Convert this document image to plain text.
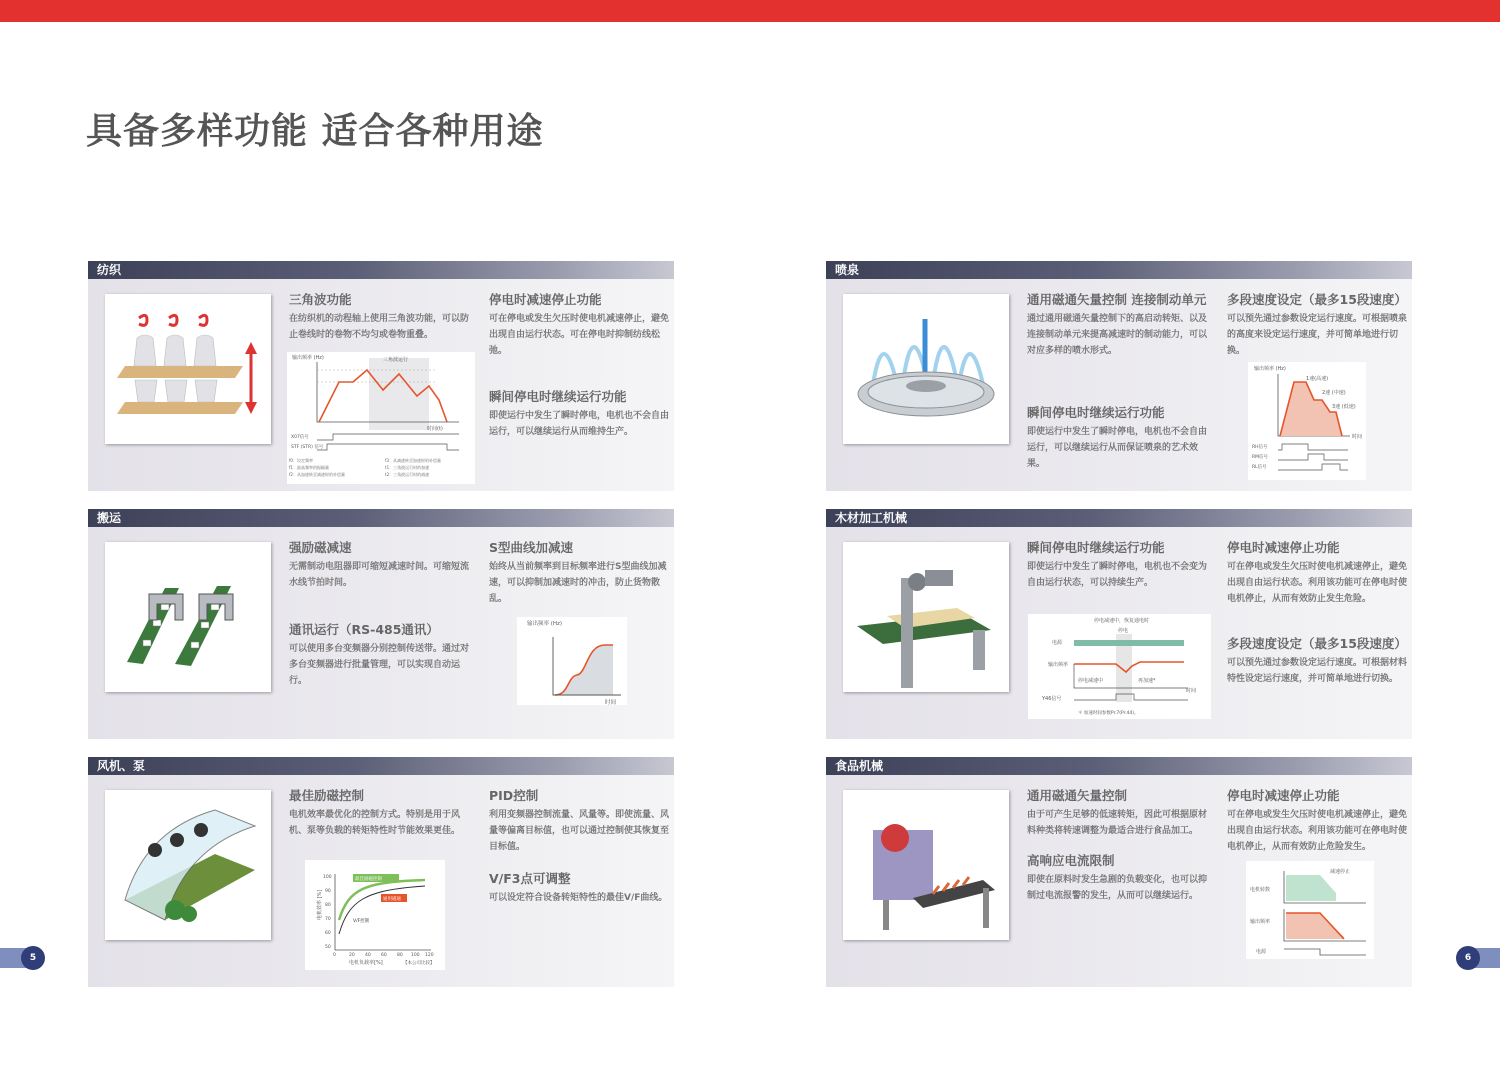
具备多样功能 适合各种用途
纺织
三角波功能
在纺织机的动程轴上使用三角波功能，可以防止卷线时的卷物不均匀或卷物重叠。
输出频率 (Hz)	三角波运行
时间(t)
X07信号
STF (STR) 信号
f0：设定频率
f1：最高频率的振幅量
f2：从加速转至减速时的补偿量
f3：从减速转至加速时的补偿量
t1：三角波运行时的加速
t2：三角波运行时的减速
停电时减速停止功能
可在停电或发生欠压时使电机减速停止，避免出现自由运行状态。可在停电时抑制纺线松弛。
瞬间停电时继续运行功能
即使运行中发生了瞬时停电，电机也不会自由运行，可以继续运行从而维持生产。
喷泉
通用磁通矢量控制 连接制动单元
通过通用磁通矢量控制下的高启动转矩、以及连接制动单元来提高减速时的制动能力，可以对应多样的喷水形式。
瞬间停电时继续运行功能
即使运行中发生了瞬时停电，电机也不会自由运行，可以继续运行从而保证喷泉的艺术效果。
多段速度设定（最多15段速度）
可以预先通过参数设定运行速度。可根据喷泉的高度来设定运行速度，并可简单地进行切换。
输出频率 (Hz)
1速(高速)
2速 (中速)
3速 (低速)
时间
RH信号
RM信号
RL信号
搬运
强励磁减速
无需制动电阻器即可缩短减速时间。可缩短流水线节拍时间。
通讯运行（RS-485通讯）
可以使用多台变频器分别控制传送带。通过对多台变频器进行批量管理，可以实现自动运行。
S型曲线加减速
始终从当前频率到目标频率进行S型曲线加减速，可以抑制加减速时的冲击，防止货物散乱。
输出频率 (Hz)
时间
木材加工机械
瞬间停电时继续运行功能
即使运行中发生了瞬时停电，电机也不会变为自由运行状态，可以持续生产。
停电减速中，恢复通电时
停电
电源
输出频率
停电减速中	再加速*
时间
Y46信号
＊ 加速时间参数Pr.7(Pr.44)。
停电时减速停止功能
可在停电或发生欠压时使电机减速停止，避免出现自由运行状态。利用该功能可在停电时使电机停止，从而有效防止发生危险。
多段速度设定（最多15段速度）
可以预先通过参数设定运行速度。可根据材料特性设定运行速度，并可简单地进行切换。
风机、泵
最佳励磁控制
电机效率最优化的控制方式。特别是用于风机、泵等负载的转矩特性时节能效果更佳。
电机效率 [%]
100
90
80
70
60
50
0	20 40 60 80 100 120
最佳励磁控制
通用磁通
V/F控制
电机负载率[%]	【本公司比较】
PID控制
利用变频器控制流量、风量等。即使流量、风量等偏离目标值，也可以通过控制使其恢复至目标值。
V/F3点可调整
可以设定符合设备转矩特性的最佳V/F曲线。
食品机械
通用磁通矢量控制
由于可产生足够的低速转矩，因此可根据原材料种类将转速调整为最适合进行食品加工。
高响应电流限制
即使在原料时发生急剧的负载变化，也可以抑制过电流报警的发生，从而可以继续运行。
停电时减速停止功能
可在停电或发生欠压时使电机减速停止，避免出现自由运行状态。利用该功能可在停电时使电机停止，从而有效防止危险发生。
电机转数
减速停止
输出频率
电源
5	6
